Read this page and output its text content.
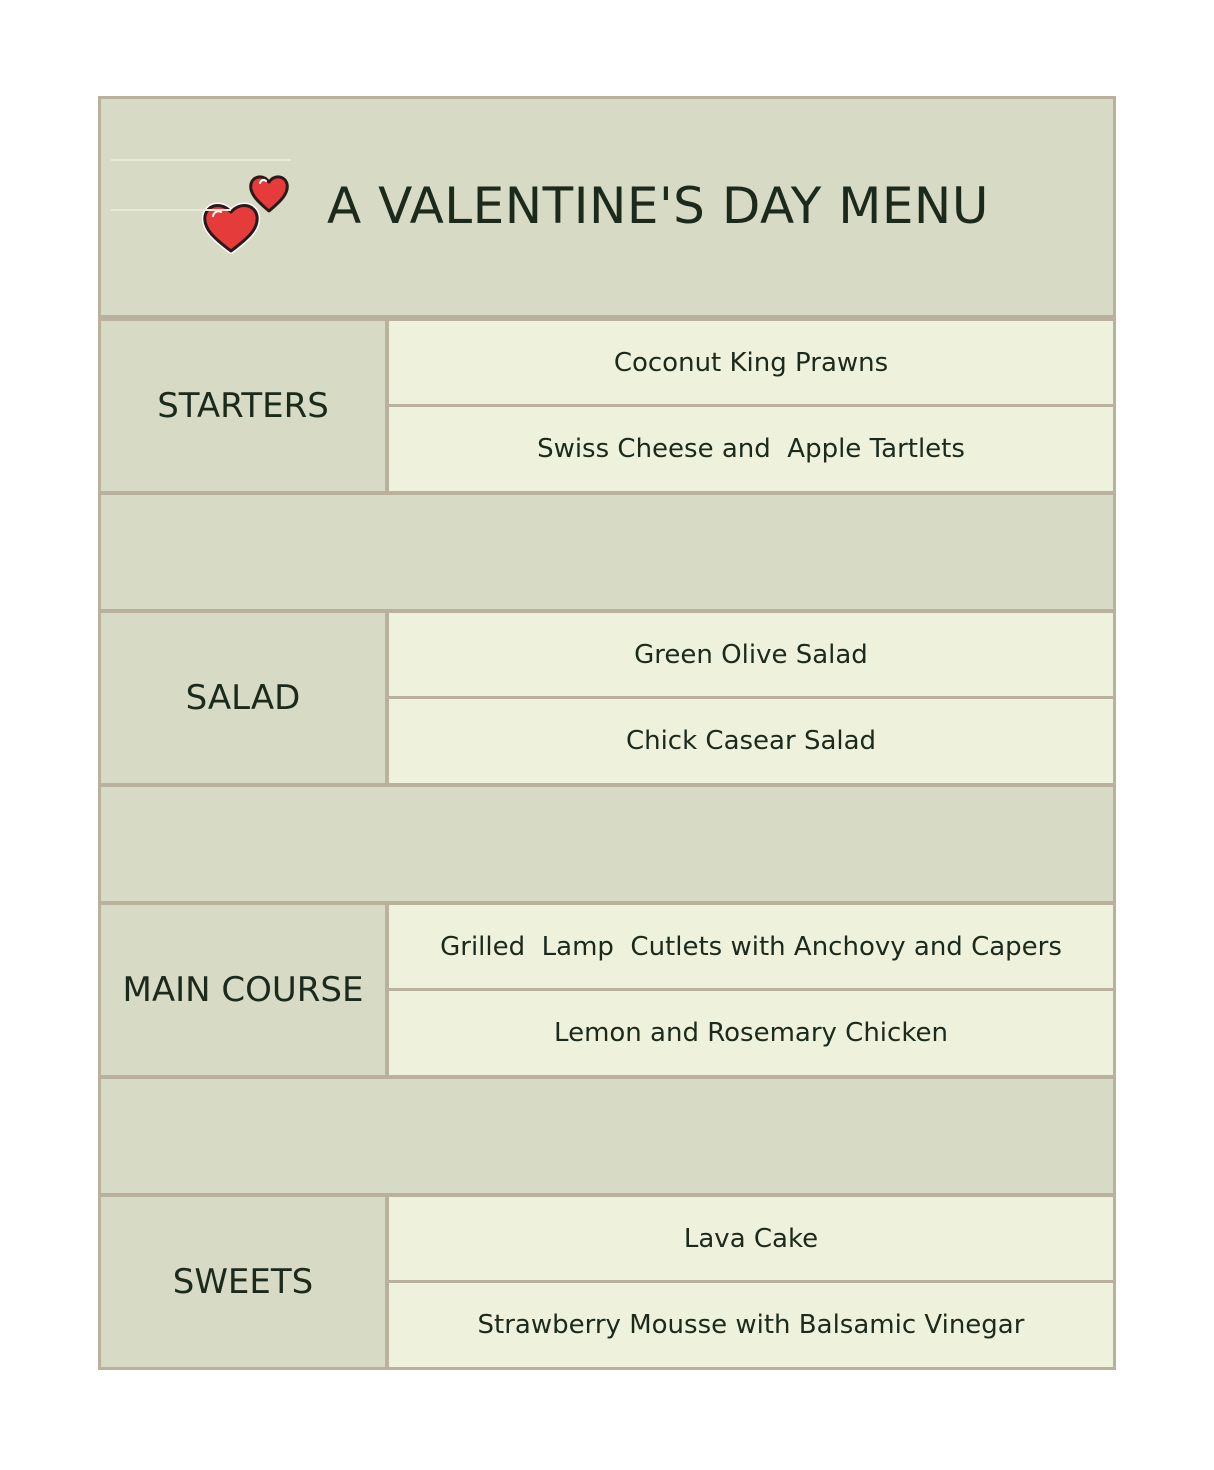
A VALENTINE'S DAY MENU
STARTERS
Coconut King Prawns
Swiss Cheese and  Apple Tartlets
SALAD
Green Olive Salad
Chick Casear Salad
MAIN COURSE
Grilled  Lamp  Cutlets with Anchovy and Capers
Lemon and Rosemary Chicken
SWEETS
Lava Cake
Strawberry Mousse with Balsamic Vinegar
